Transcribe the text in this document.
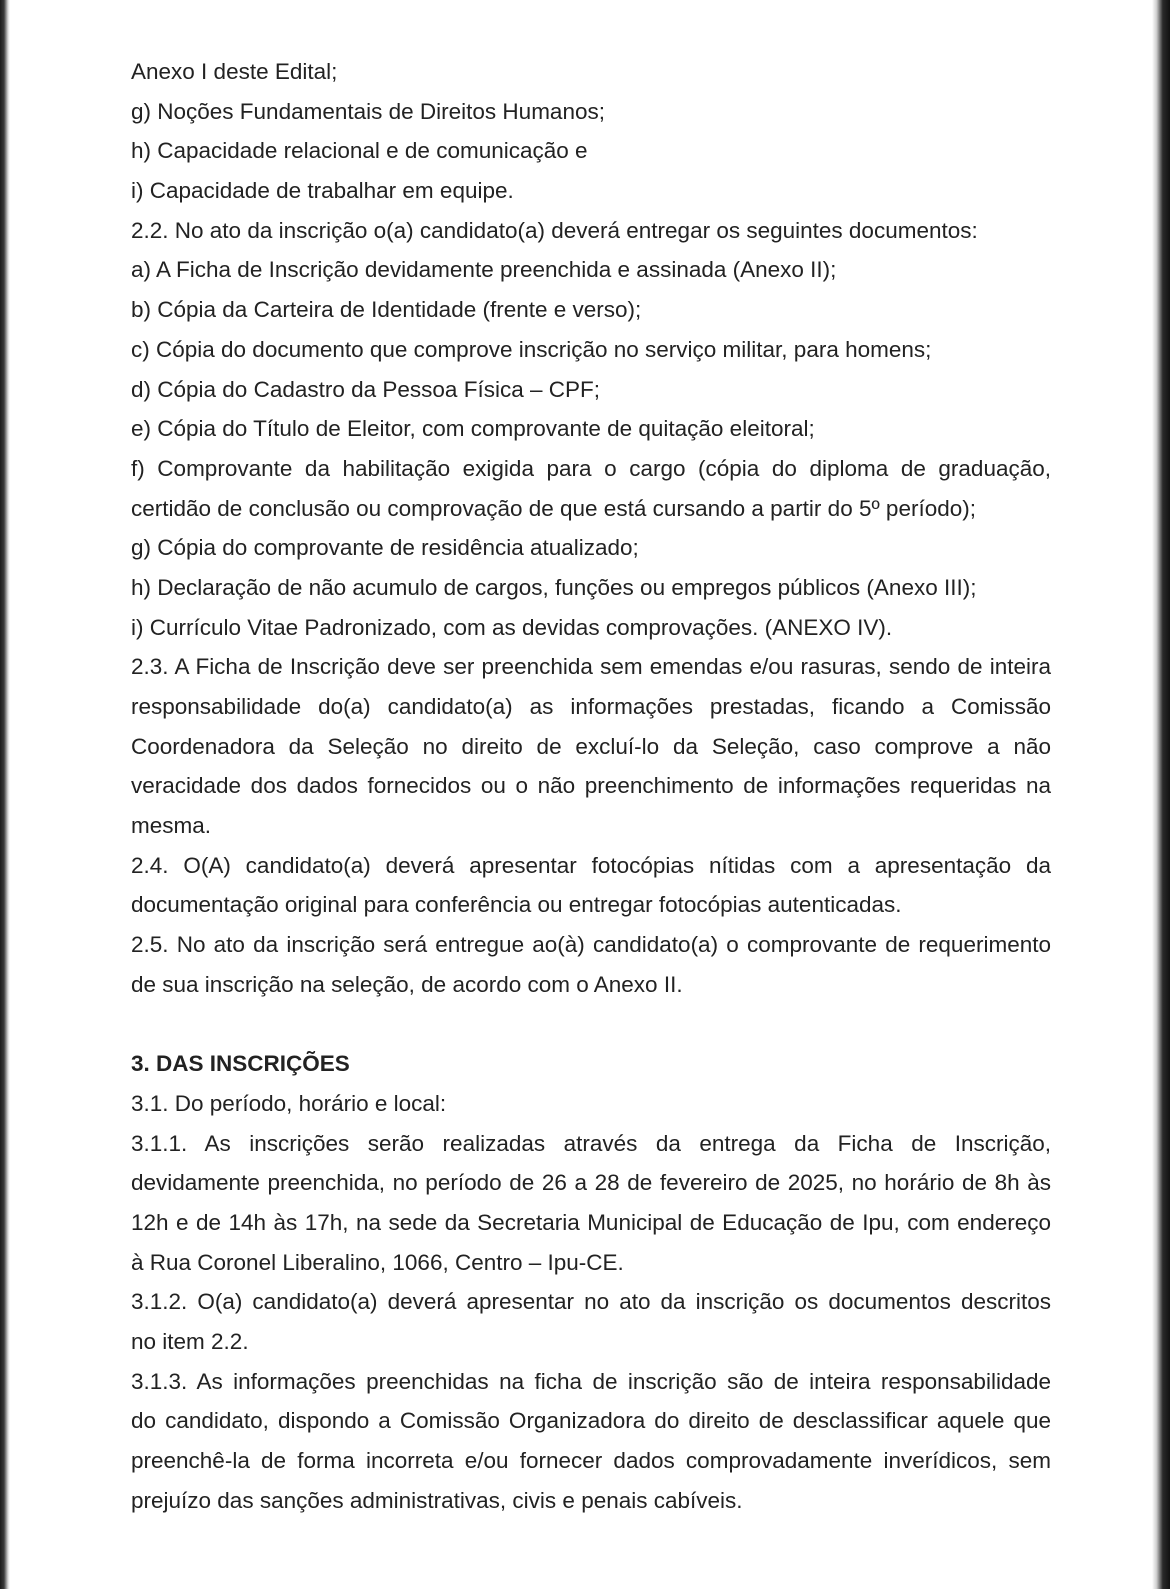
Anexo I deste Edital;
g) Noções Fundamentais de Direitos Humanos;
h) Capacidade relacional e de comunicação e
i) Capacidade de trabalhar em equipe.
2.2. No ato da inscrição o(a) candidato(a) deverá entregar os seguintes documentos:
a) A Ficha de Inscrição devidamente preenchida e assinada (Anexo II);
b) Cópia da Carteira de Identidade (frente e verso);
c) Cópia do documento que comprove inscrição no serviço militar, para homens;
d) Cópia do Cadastro da Pessoa Física – CPF;
e) Cópia do Título de Eleitor, com comprovante de quitação eleitoral;
f) Comprovante da habilitação exigida para o cargo (cópia do diploma de graduação,
certidão de conclusão ou comprovação de que está cursando a partir do 5º período);
g) Cópia do comprovante de residência atualizado;
h) Declaração de não acumulo de cargos, funções ou empregos públicos (Anexo III);
i) Currículo Vitae Padronizado, com as devidas comprovações. (ANEXO IV).
2.3. A Ficha de Inscrição deve ser preenchida sem emendas e/ou rasuras, sendo de inteira
responsabilidade do(a) candidato(a) as informações prestadas, ficando a Comissão
Coordenadora da Seleção no direito de excluí-lo da Seleção, caso comprove a não
veracidade dos dados fornecidos ou o não preenchimento de informações requeridas na
mesma.
2.4. O(A) candidato(a) deverá apresentar fotocópias nítidas com a apresentação da
documentação original para conferência ou entregar fotocópias autenticadas.
2.5. No ato da inscrição será entregue ao(à) candidato(a) o comprovante de requerimento
de sua inscrição na seleção, de acordo com o Anexo II.
3. DAS INSCRIÇÕES
3.1. Do período, horário e local:
3.1.1. As inscrições serão realizadas através da entrega da Ficha de Inscrição,
devidamente preenchida, no período de 26 a 28 de fevereiro de 2025, no horário de 8h às
12h e de 14h às 17h, na sede da Secretaria Municipal de Educação de Ipu, com endereço
à Rua Coronel Liberalino, 1066, Centro – Ipu-CE.
3.1.2. O(a) candidato(a) deverá apresentar no ato da inscrição os documentos descritos
no item 2.2.
3.1.3. As informações preenchidas na ficha de inscrição são de inteira responsabilidade
do candidato, dispondo a Comissão Organizadora do direito de desclassificar aquele que
preenchê-la de forma incorreta e/ou fornecer dados comprovadamente inverídicos, sem
prejuízo das sanções administrativas, civis e penais cabíveis.
